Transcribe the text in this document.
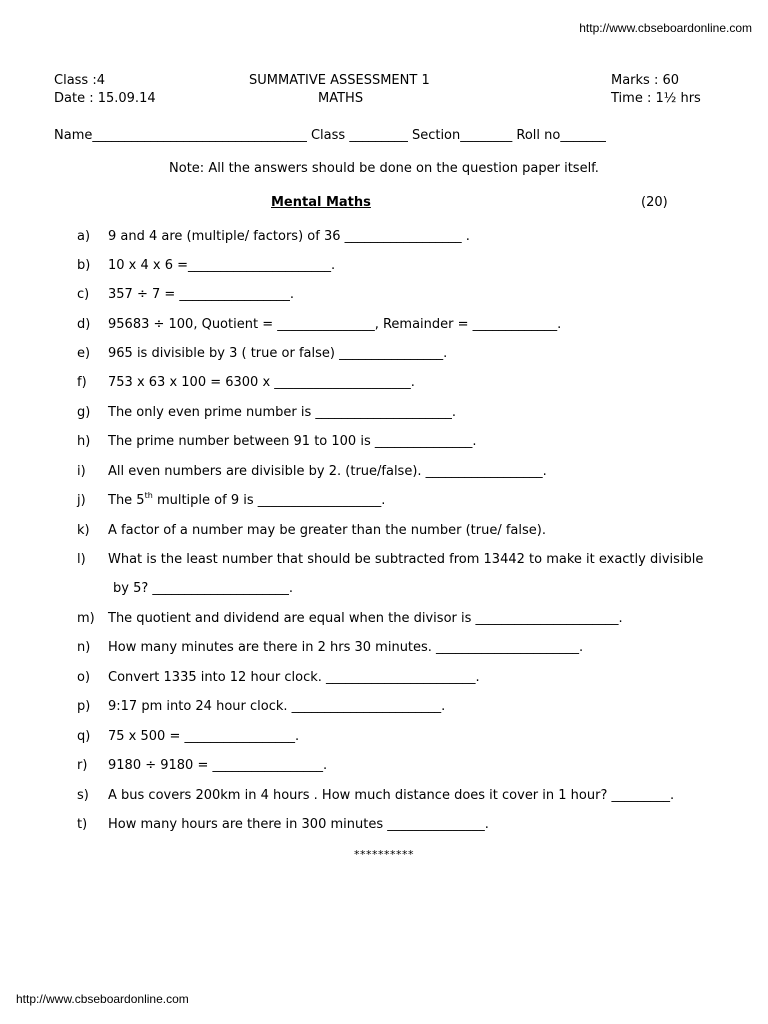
http://www.cbseboardonline.com
Class :4
Date : 15.09.14
SUMMATIVE ASSESSMENT 1
MATHS
Marks : 60
Time : 1½ hrs
Name_________________________________ Class _________ Section________ Roll no_______
Note: All the answers should be done on the question paper itself.
Mental Maths	(20)
a) 9 and 4 are (multiple/ factors) of 36 __________________ .
b) 10 x 4 x 6 =______________________.
c) 357 ÷ 7 = _________________.
d) 95683 ÷ 100, Quotient = _______________, Remainder = _____________.
e) 965 is divisible by 3 ( true or false) ________________.
f) 753 x 63 x 100 = 6300 x _____________________.
g) The only even prime number is _____________________.
h) The prime number between 91 to 100 is _______________.
i) All even numbers are divisible by 2. (true/false). __________________.
j) The 5th multiple of 9 is ___________________.
k) A factor of a number may be greater than the number (true/ false).
l) What is the least number that should be subtracted from 13442 to make it exactly divisible
by 5? _____________________.
m) The quotient and dividend are equal when the divisor is ______________________.
n) How many minutes are there in 2 hrs 30 minutes. ______________________.
o) Convert 1335 into 12 hour clock. _______________________.
p) 9:17 pm into 24 hour clock. _______________________.
q) 75 x 500 = _________________.
r) 9180 ÷ 9180 = _________________.
s) A bus covers 200km in 4 hours . How much distance does it cover in 1 hour? _________.
t) How many hours are there in 300 minutes _______________.
**********
http://www.cbseboardonline.com
